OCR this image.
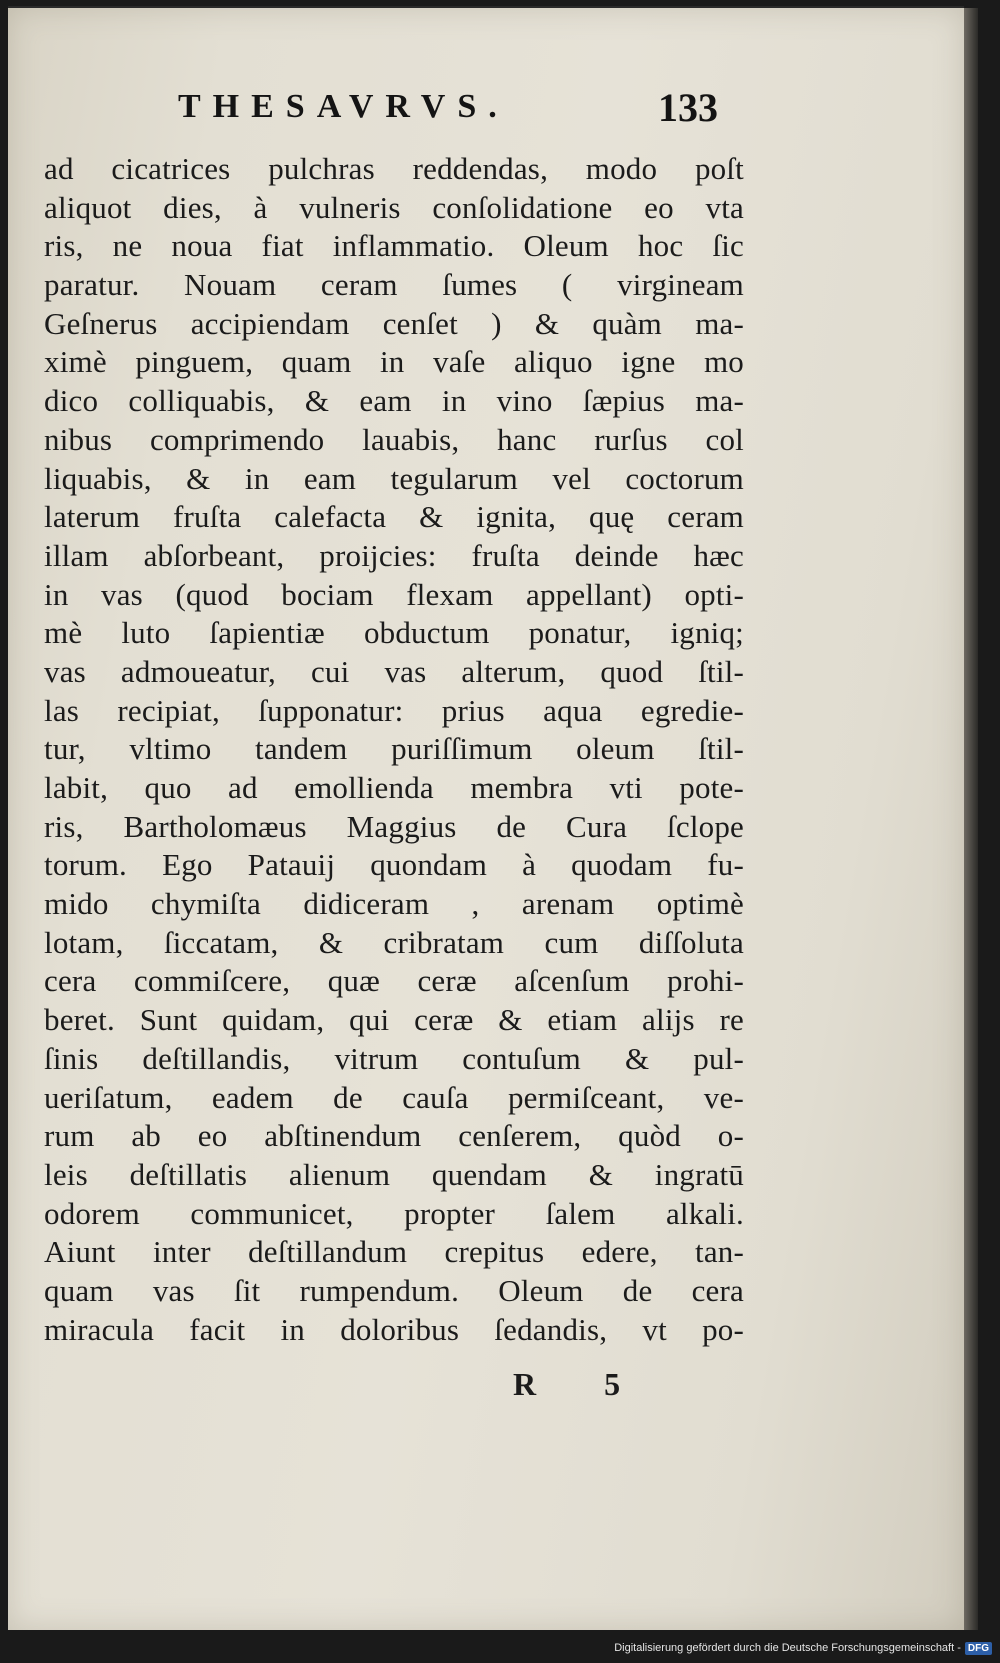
THESAVRVS.	133
ad cicatrices pulchras reddendas, modo poſt
aliquot dies, à vulneris conſolidatione eo vta
ris, ne noua fiat inflammatio. Oleum hoc ſic
paratur. Nouam ceram ſumes ( virgineam
Geſnerus accipiendam cenſet ) & quàm ma-
ximè pinguem, quam in vaſe aliquo igne mo
dico colliquabis, & eam in vino ſæpius ma-
nibus comprimendo lauabis, hanc rurſus col
liquabis, & in eam tegularum vel coctorum
laterum fruſta calefacta & ignita, quę ceram
illam abſorbeant, proijcies: fruſta deinde hæc
in vas (quod bociam flexam appellant) opti-
mè luto ſapientiæ obductum ponatur, igniq;
vas admoueatur, cui vas alterum, quod ſtil-
las recipiat, ſupponatur: prius aqua egredie-
tur, vltimo tandem puriſſimum oleum ſtil-
labit, quo ad emollienda membra vti pote-
ris, Bartholomæus Maggius de Cura ſclope
torum. Ego Patauij quondam à quodam fu-
mido chymiſta didiceram , arenam optimè
lotam, ſiccatam, & cribratam cum diſſoluta
cera commiſcere, quæ ceræ aſcenſum prohi-
beret. Sunt quidam, qui ceræ & etiam alijs re
ſinis deſtillandis, vitrum contuſum & pul-
ueriſatum, eadem de cauſa permiſceant, ve-
rum ab eo abſtinendum cenſerem, quòd o-
leis deſtillatis alienum quendam & ingratū
odorem communicet, propter ſalem alkali.
Aiunt inter deſtillandum crepitus edere, tan-
quam vas ſit rumpendum. Oleum de cera
miracula facit in doloribus ſedandis, vt po-
R 5
Digitalisierung gefördert durch die Deutsche Forschungsgemeinschaft - DFG
